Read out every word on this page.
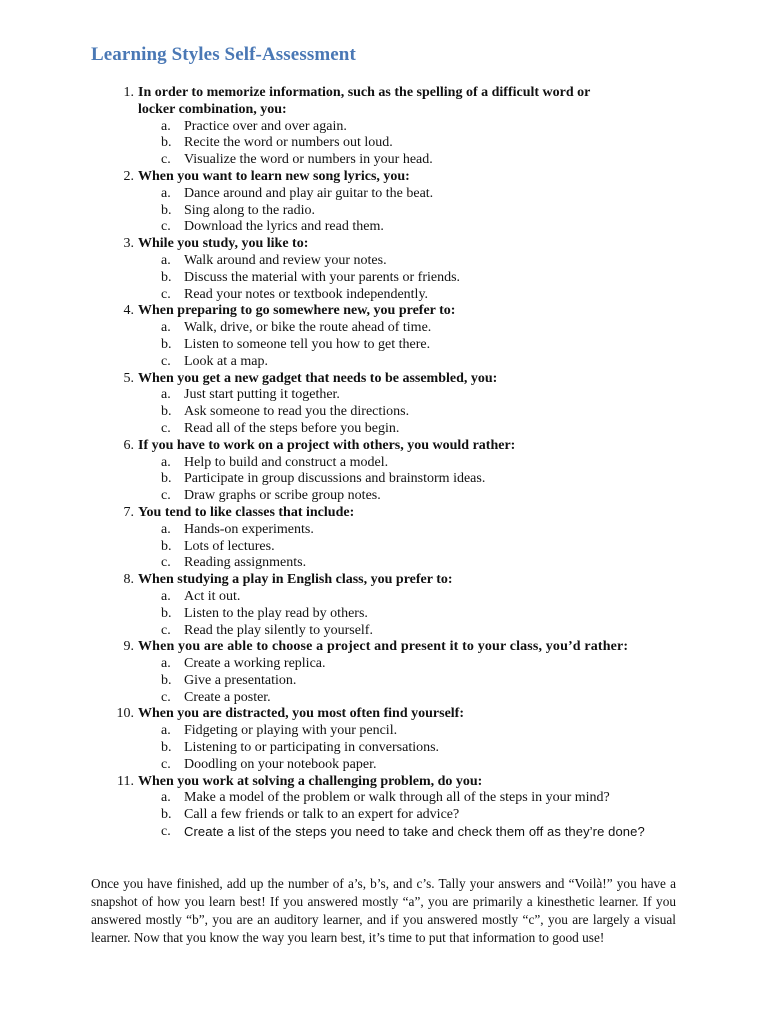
Learning Styles Self-Assessment
1. In order to memorize information, such as the spelling of a difficult word or
locker combination, you:
a. Practice over and over again.
b. Recite the word or numbers out loud.
c. Visualize the word or numbers in your head.
2. When you want to learn new song lyrics, you:
a. Dance around and play air guitar to the beat.
b. Sing along to the radio.
c. Download the lyrics and read them.
3. While you study, you like to:
a. Walk around and review your notes.
b. Discuss the material with your parents or friends.
c. Read your notes or textbook independently.
4. When preparing to go somewhere new, you prefer to:
a. Walk, drive, or bike the route ahead of time.
b. Listen to someone tell you how to get there.
c. Look at a map.
5. When you get a new gadget that needs to be assembled, you:
a. Just start putting it together.
b. Ask someone to read you the directions.
c. Read all of the steps before you begin.
6. If you have to work on a project with others, you would rather:
a. Help to build and construct a model.
b. Participate in group discussions and brainstorm ideas.
c. Draw graphs or scribe group notes.
7. You tend to like classes that include:
a. Hands-on experiments.
b. Lots of lectures.
c. Reading assignments.
8. When studying a play in English class, you prefer to:
a. Act it out.
b. Listen to the play read by others.
c. Read the play silently to yourself.
9. When you are able to choose a project and present it to your class, you’d rather:
a. Create a working replica.
b. Give a presentation.
c. Create a poster.
10. When you are distracted, you most often find yourself:
a. Fidgeting or playing with your pencil.
b. Listening to or participating in conversations.
c. Doodling on your notebook paper.
11. When you work at solving a challenging problem, do you:
a. Make a model of the problem or walk through all of the steps in your mind?
b. Call a few friends or talk to an expert for advice?
c.	Create a list of the steps you need to take and check them off as they’re done?

Once you have finished, add up the number of a’s, b’s, and c’s. Tally your answers and “Voilà!” you have a snapshot of how you learn best! If you answered mostly “a”, you are primarily a kinesthetic learner. If you answered mostly “b”, you are an auditory learner, and if you answered mostly “c”, you are largely a visual learner. Now that you know the way you learn best, it’s time to put that information to good use!
